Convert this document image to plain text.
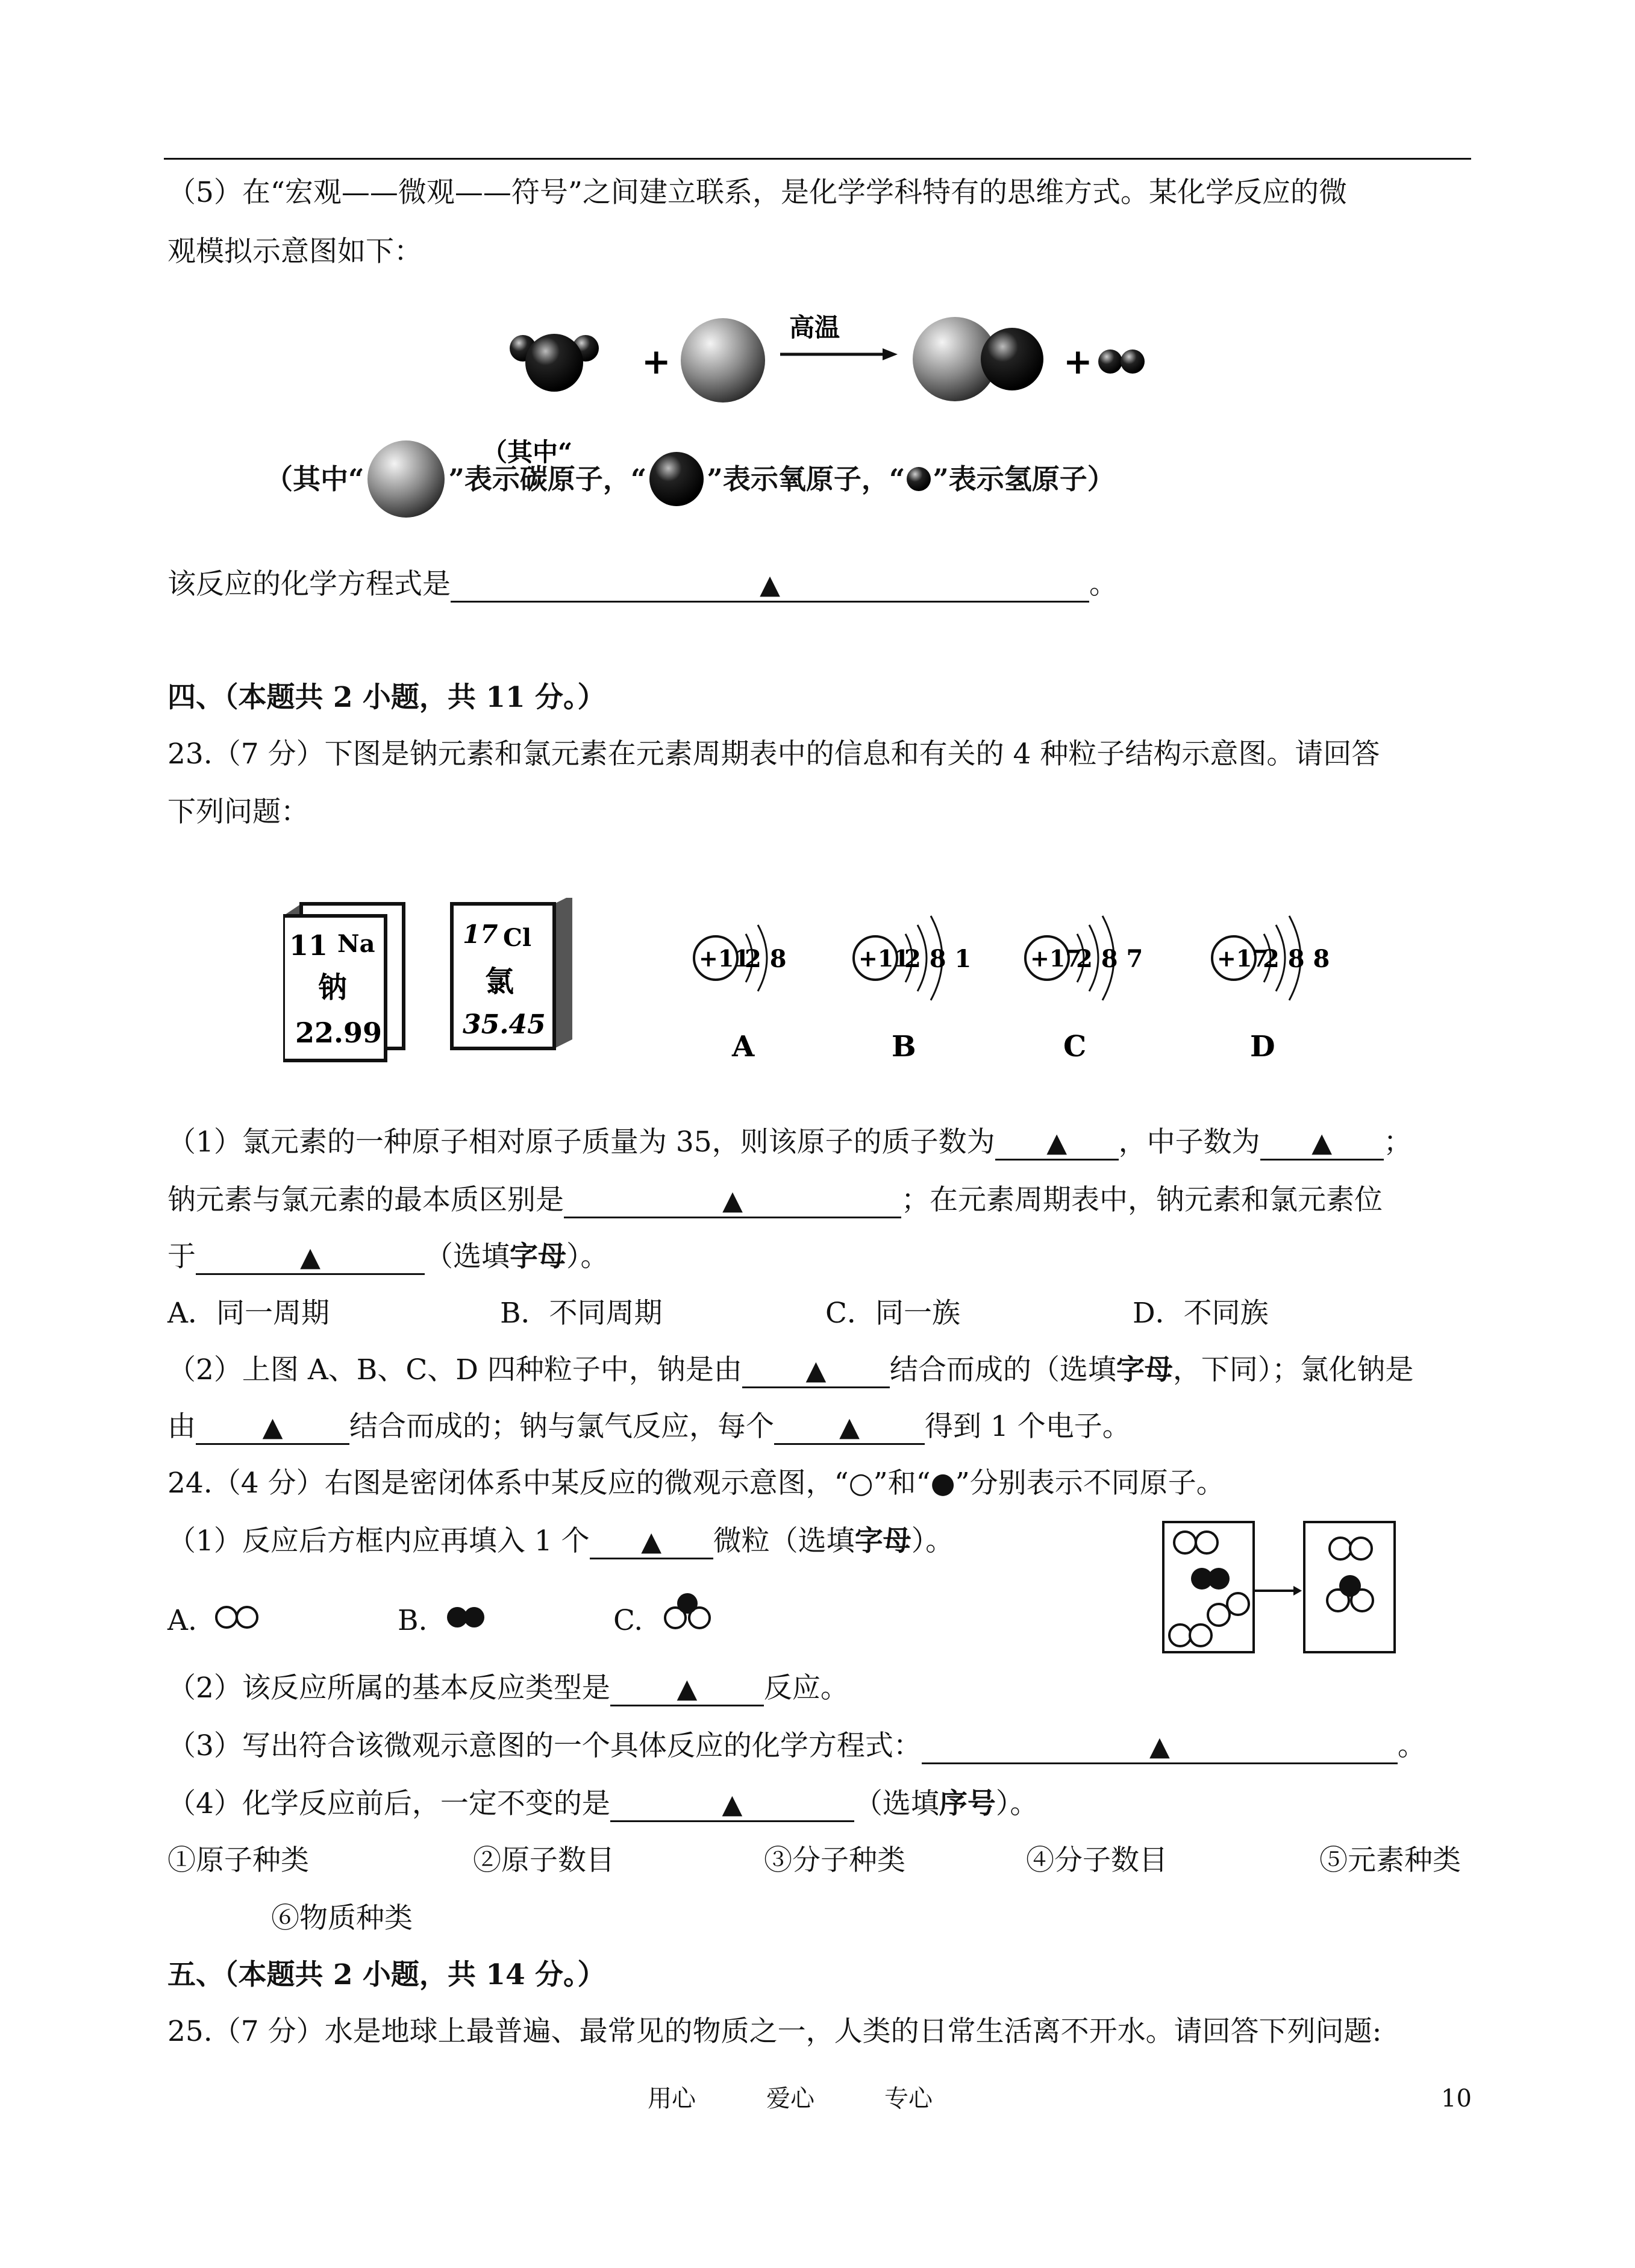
（5）在“宏观——微观——符号”之间建立联系，是化学学科特有的思维方式。某化学反应的微
观模拟示意图如下：
+
高温
+
（其中“
（其中“	”表示碳原子，“ ”表示氧原子，“ ”表示氢原子）
该反应的化学方程式是	▲	。
四、（本题共 2 小题，共 11 分。）
23.（7 分）下图是钠元素和氯元素在元素周期表中的信息和有关的 4 种粒子结构示意图。请回答
下列问题：
11 Na
钠
22.99
17 Cl
氯
35.45
+11
2 8
A
+11
2 8 1
B
+17
2 8 7
C
+17
2 8 8
D
（1）氯元素的一种原子相对原子质量为 35，则该原子的质子数为 ▲ ，中子数为 ▲ ；
钠元素与氯元素的最本质区别是	▲	；在元素周期表中，钠元素和氯元素位
于	▲	（选填字母）。
A．同一周期	B．不同周期	C．同一族	D．不同族
（2）上图 A、B、C、D 四种粒子中，钠是由 ▲ 结合而成的（选填字母，下同）；氯化钠是
由	▲ 结合而成的；钠与氯气反应，每个 ▲ 得到 1 个电子。
24.（4 分）右图是密闭体系中某反应的微观示意图，“○”和“●”分别表示不同原子。
（1）反应后方框内应再填入 1 个 ▲ 微粒（选填字母）。
A.	B.	C.
（2）该反应所属的基本反应类型是	▲ 反应。
（3）写出符合该微观示意图的一个具体反应的化学方程式：	▲	。
（4）化学反应前后，一定不变的是	▲	（选填序号）。
①原子种类	②原子数目	③分子种类	④分子数目	⑤元素种类
⑥物质种类
五、（本题共 2 小题，共 14 分。）
25.（7 分）水是地球上最普遍、最常见的物质之一，人类的日常生活离不开水。请回答下列问题:
用心	爱心	专心	10
